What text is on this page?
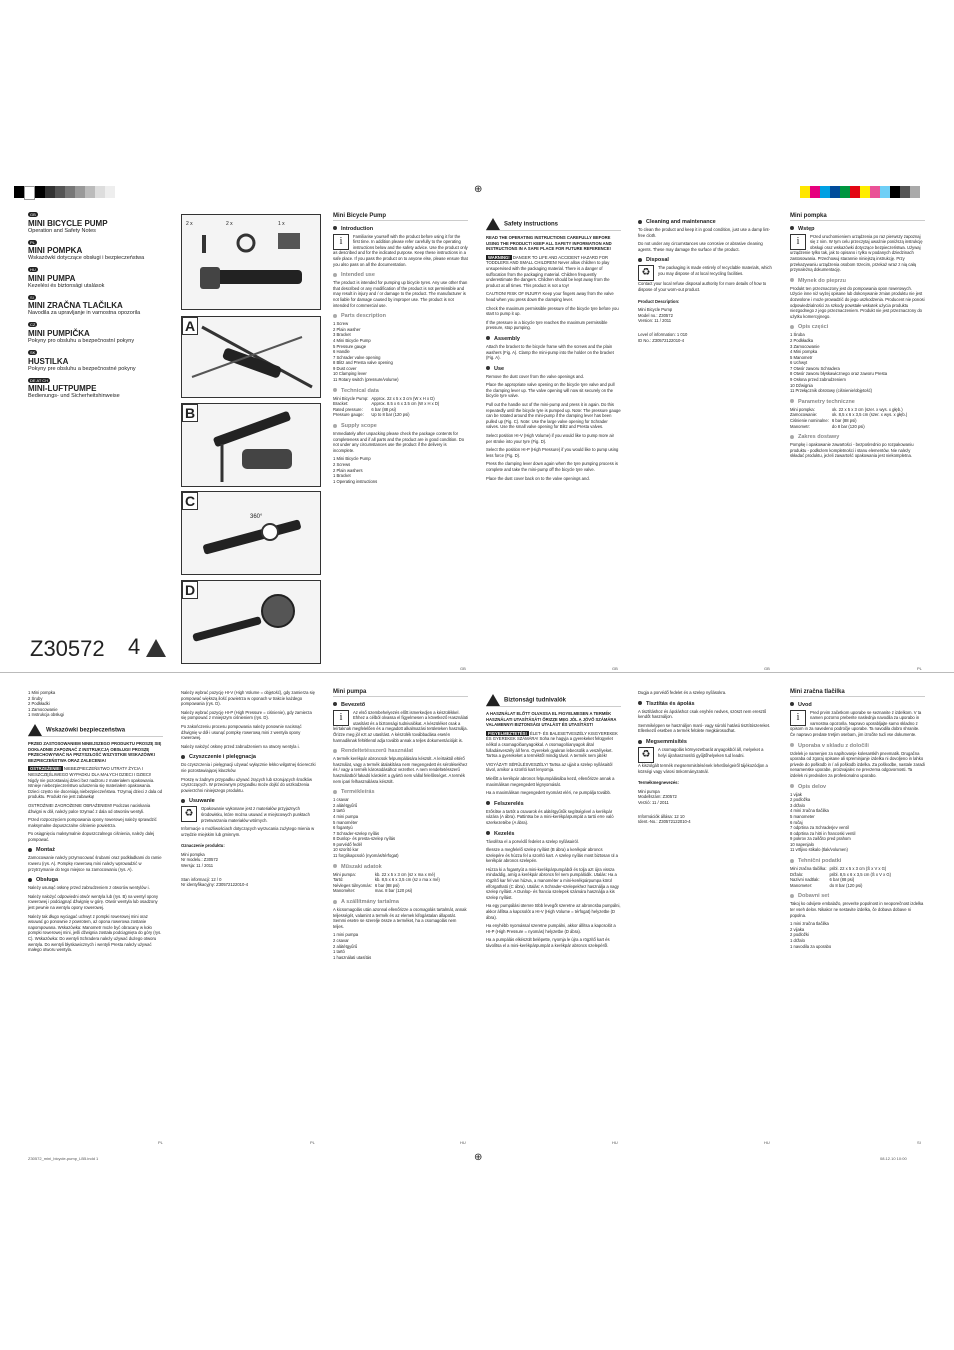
⊕
GB
MINI BICYCLE PUMP
Operation and Safety Notes
PL
MINI POMPKA
Wskazówki dotyczące obsługi i bezpieczeństwa
HU
MINI PUMPA
Kezelési és biztonsági utalások
SI
MINI ZRAČNA TLAČILKA
Navodila za upravljanje in varnostna opozorila
CZ
MINI PUMPIČKA
Pokyny pro obsluhu a bezpečnostní pokyny
SK
HUSTILKA
Pokyny pre obsluhu a bezpečnostné pokyny
DE AT CH
MINI-LUFTPUMPE
Bedienungs- und Sicherheitshinweise
Z30572 4
2 x	2 x	1 x
A
B
C
360°
D
Mini Bicycle Pump
Introduction
i	Familiarise yourself with the product before using it for the first time. In addition please refer carefully to the operating instructions below and the safety advice. Use the product only as described and for the indicated purpose. Keep these instructions in a safe place. If you pass the product on to anyone else, please ensure that you also pass on all the documentation.
Intended use
The product is intended for pumping up bicycle tyres. Any use other than that described or any modification of the product is not permissible and may result in injury and / or damage to the product. The manufacturer is not liable for damage caused by improper use. The product is not intended for commercial use.
Parts description
1 Screw
2 Plain washer
3 Bracket
4 Mini Bicycle Pump
5 Pressure gauge
6 Handle
7 Schrader valve opening
8 Blitz and Presta valve opening
9 Dust cover
10 Clamping lever
11 Rotary switch (pressure/volume)
Technical data
Mini Bicycle Pump:	Approx. 22 x 5 x 3 cm (W x H x D)
Bracket:	Approx. 8.5 x 6 x 3.5 cm (W x H x D)
Rated pressure:	6 bar (88 psi)
Pressure gauge:	Up to 8 bar (120 psi)
Supply scope
Immediately after unpacking please check the package contents for completeness and if all parts and the product are in good condition. Do not under any circumstances use the product if the delivery is incomplete.
1 Mini Bicycle Pump
2 Screws
2 Plain washers
1 Bracket
1 Operating instructions
Safety instructions
READ THE OPERATING INSTRUCTIONS CAREFULLY BEFORE USING THE PRODUCT! KEEP ALL SAFETY INFORMATION AND INSTRUCTIONS IN A SAFE PLACE FOR FUTURE REFERENCE!
WARNING! DANGER TO LIFE AND ACCIDENT HAZARD FOR TODDLERS AND SMALL CHILDREN! Never allow children to play unsupervised with the packaging material. There is a danger of suffocation from the packaging material. Children frequently underestimate the dangers. Children should be kept away from the product at all times. This product is not a toy!
CAUTION! RISK OF INJURY! Keep your fingers away from the valve head when you press down the clamping lever.
Check the maximum permissible pressure of the bicycle tyre before you start to pump it up.
If the pressure in a bicycle tyre reaches the maximum permissible pressure, stop pumping.
Assembly
Attach the bracket to the bicycle frame with the screws and the plain washers (Fig. A). Clamp the mini-pump into the holder on the bracket (Fig. A).
Use
Remove the dust cover from the valve openings and.
Place the appropriate valve opening on the bicycle tyre valve and pull the clamping lever up. The valve opening will now sit securely on the bicycle tyre valve.
Pull out the handle out of the mini-pump and press it in again. Do this repeatedly until the bicycle tyre is pumped up. Note: The pressure gauge can be rotated around the mini-pump if the clamping lever has been pulled up (Fig. C). Note: Use the large valve opening for Schrader valves. Use the small valve opening for Blitz and Presta valves.
Select position HI-V (High Volume) if you would like to pump more air per stroke into your tyre (Fig. D).
Select the position HI-P (High Pressure) if you would like to pump using less force (Fig. D).
Press the clamping lever down again when the tyre pumping process is complete and take the mini-pump off the bicycle tyre valve.
Place the dust cover back on to the valve openings and.
Cleaning and maintenance
To clean the product and keep it in good condition, just use a damp lint-free cloth.
Do not under any circumstances use corrosive or abrasive cleaning agents. These may damage the surface of the product.
Disposal
♻	The packaging is made entirely of recyclable materials, which you may dispose of at local recycling facilities.
Contact your local refuse disposal authority for more details of how to dispose of your worn-out product.
Product Description:
Mini Bicycle Pump
Model no.: Z30572
Version: 11 / 2011
Level of information: 1 010
ID No.: Z30572122010-4
Mini pompka
Wstęp
i	Przed uruchomieniem urządzenia po raz pierwszy zapoznaj się z nim. W tym celu przeczytaj uważnie poniższą instrukcję obsługi oraz wskazówki dotyczące bezpieczeństwa. Używaj urządzenie tylko tak, jak to opisano i tylko w podanych dziedzinach zastosowania. Przechowuj starannie niniejszą instrukcję. Przy przekazywaniu urządzenia osobom trzecim, przekaż wraz z nią całą przynależną dokumentację.
Młynek do pieprzu
Produkt ten przeznaczony jest do pompowania opon rowerowych. Użycie inne niż wyżej opisane lub dokonywanie zmian produktu nie jest dozwolone i może prowadzić do jego uszkodzenia. Producent nie ponosi odpowiedzialności za szkody powstałe wskutek użycia produktu niezgodnego z jego przeznaczeniem. Produkt nie jest przeznaczony do użytku komercyjnego.
Opis części
1 Śruba
2 Podkładka
3 Zamocowanie
4 Mini pompka
5 Manometr
6 Uchwyt
7 Otwór zaworu Schradera
8 Otwór zaworu błyskawicznego oraz zaworu Presta
9 Osłona przed zabrudzeniem
10 Dźwignia
11 Przełącznik obrotowy (ciśnienie/objętość)
Parametry techniczne
Mini pompka:	ok. 22 x 5 x 3 cm (szer. x wys. x głęb.)
Zamocowanie:	ok. 8,5 x 6 x 3,5 cm (szer. x wys. x głęb.)
Ciśnienie nominalne:	6 bar (88 psi)
Manometr:	do 8 bar (120 psi)
Zakres dostawy
Pompkę i opakowanie zawartości - bezpośrednio po rozpakowaniu produktu - podłożem kompletności i stanu elementów. Nie należy składać produktu, jeżeli zawartość opakowania jest niekompletna.
GB	GB	GB	PL
1 Mini pompka
2 Śruby
2 Podkładki
1 Zamocowanie
1 Instrukcja obsługi
Wskazówki bezpieczeństwa
PRZED ZASTOSOWANIEM NINIEJSZEGO PRODUKTU PROSZĘ SIĘ DOKŁADNIE ZAPOZNAĆ Z INSTRUKCJĄ OBSŁUGI! PROSZĘ PRZECHOWYWAĆ NA PRZYSZŁOŚĆ WSZYSTKIE WSKAZÓWKI BEZPIECZEŃSTWA ORAZ ZALECENIA!
OSTRZEŻENIE! NIEBEZPIECZEŃSTWO UTRATY ŻYCIA I NIESZCZĘŚLIWEGO WYPADKU DLA MAŁYCH DZIECI I DZIECI! Nigdy nie pozostawiaj dzieci bez nadzoru z materiałem opakowania. Istnieje niebezpieczeństwo uduszenia się materiałem opakowania. Dzieci często nie doceniają niebezpieczeństwa. Trzymaj dzieci z dala od produktu. Produkt nie jest zabawką!
OSTROŻNIE! ZAGROŻENIE OBRAŻENIEM! Podczas naciskania dźwigni w dół, należy palce trzymać z dala od otworów wentyli.
Przed rozpoczęciem pompowania opony rowerowej należy sprawdzić maksymalne dopuszczalne ciśnienie powietrza.
Po osiągnięciu maksymalnie dopuszczalnego ciśnienia, należy dalej pompować.
Montaż
Zamocowanie należy przymocować śrubami oraz podkładkami do ramie roweru (rys. A). Pompkę rowerową mini należy wprowadzić w przytrzymanie do tego miejsce na zamocowaniu (rys. A).
Obsługa
Należy usunąć osłonę przed zabrudzeniem z otworów wentylów i.
Należy nałożyć odpowiedni otwór wentyla lub (rys. B) na wentyl opony rowerowej i podciągnąć dźwignię w górę. Otwór wentyla lub osadzony jest pewnie na wentylu opony rowerowej.
Należy tak długo wyciągać uchwyt z pompki rowerowej mini oraz wsuwać go ponownie z powrotem, aż opona rowerowa zostanie napompowana. Wskazówka: Manometr może być obracany w koło pompki rowerowej mini, jeśli dźwignia została podciągnięta do góry (rys. C). Wskazówka: Do wentyli Schradera należy używać dużego otworu wentyla. Do wentyli błyskawicznych i wentyli Presta należy używać małego otworu wentyla.
Należy wybrać pozycję HI-V (High Volume = objętość), gdy zamierza się pompować większą ilość powietrza w oponach w trakcie każdego pompowania (rys. D).
Należy wybrać pozycję HI-P (High Pressure = ciśnienie), gdy zamierza się pompować z mniejszym ciśnieniem (rys. D).
Po zakończeniu procesu pompowania należy ponownie nacisnąć dźwignię w dół i usunąć pompkę rowerową mini z wentyla opony rowerowej.
Należy nałożyć osłonę przed zabrudzeniem na otwory wentyla i.
Czyszczenie i pielęgnacja
Do czyszczenia i pielęgnacji używać wyłącznie lekko wilgotnej ściereczki nie pozostawiającej kłaczków.
Proszę w żadnym przypadku używać żrących lub szorujących środków czyszczących. W przeciwnym przypadku może dojść do uszkodzenia powierzchni niniejszego produktu.
Usuwanie
♻	Opakowanie wykonane jest z materiałów przyjaznych środowisku, które można usuwać w miejscowych punktach przetwarzania materiałów wtórnych.
Informacje o możliwościach dotyczących wyrzucania zużytego mienia w urzędzie miejskim lub gminnym.
Oznaczenie produktu:
Mini pompka
Nr modelu.: Z30572
Wersja: 11 / 2011
Stan informacji: 12 / 0
Nr identyfikacyjny: Z30572122010-4
Mini pumpa
Bevezető
i	Az első üzembehelyezés előtt ismerkedjen a készülékkel. Ehhez a célból olvassa el figyelmesen a következő Használati utasítást és a biztonsági tudnivalókat. A készüléket csak a leírtaknak megfelelően és a megadott alkalmazási területeken használja. Őrizze meg jól ezt az utasítást. A készülék továbbadása esetén harmadiknak feltétlenül adja tovább annak a teljes dokumentációját is.
Rendeltetésszerű használat
A termék kerékpár abroncsok felpumpálására készült. A leírtaktól eltérő használat, vagy a termék átalakítása nem megengedett és sérülésekhez és / vagy a termék károsodásához vezethet. A nem rendeltetésszerű használatból fakadó károkért a gyártó nem vállal felelősséget. A termék nem ipari felhasználásra készült.
Termékleírás
1 csavar
2 alátétgyűrű
3 tartó
4 mini pumpa
5 manométer
6 fogantyú
7 Schrader-szelep nyílás
8 Dunlop- és presta-szelep nyílás
9 porvédő fedél
10 szorító kar
11 forgókapcsoló (nyomás/térfogat)
Műszaki adatok
Mini pumpa:	kb. 22 x 5 x 3 cm (sz x ma x mé)
Tartó:	kb. 8,5 x 6 x 3,5 cm (sz x ma x mé)
Névleges túlnyomás:	6 bar (88 psi)
Manométer:	max. 8 bar (120 psi)
A szállítmány tartalma
A kicsomagolás után azonnal ellenőrizze a csomagolás tartalmát, annak teljességét, valamint a termék és az elemek kifogástalan állapotát. Semmi esetre se szerelje össze a terméket, ha a csomagolás nem teljes.
1 mini pumpa
2 csavar
2 alátétgyűrű
1 tartó
1 használati utasítás
Biztonsági tudnivalók
A HASZNÁLAT ELŐTT OLVASSA EL FIGYELMESEN A TERMÉK HASZNÁLATI UTASÍTÁSÁT! ŐRIZZE MEG JÓL A JÖVŐ SZÁMÁRA VALAMENNYI BIZTONSÁGI UTALÁST ÉS UTASÍTÁST!
FIGYELMEZTETÉS! ÉLET- ÉS BALESETVESZÉLY KISGYEREKEK ÉS GYEREKEK SZÁMÁRA! Soha ne hagyja a gyerekeket felügyelet nélkül a csomagolóanyagokkal. A csomagolóanyagok által fulladásveszély áll fenn. Gyerekek gyakran lebecsülik a veszélyeket. Tartsa a gyerekeket a terméktől mindig távol. A termék nem játék!
VIGYÁZAT! SÉRÜLÉSVESZÉLY! Tartsa az ujjait a szelep nyílásaitól távol, amikor a szorító kart lenyomja.
Mielőtt a kerékpár abroncs felpumpálásába kezd, ellenőrizze annak a maximálisan megengedett légnyomását.
Ha a maximálisan megengedett nyomást eléri, ne pumpálja tovább.
Felszerelés
Erősítse a tartót a csavarok és alátétgyűrűk segítségével a kerékpár vázára (A ábra). Pattintsa be a mini-kerékpárpumpát a tartó erre való szerkezetébe (A ábra).
Kezelés
Távolítsa el a porvédő fedelet a szelep nyílásairól.
Illessze a megfelelő szelep nyílást (B ábra) a kerékpár abroncs szelepére és húzza fel a szorító kart. A szelep nyílás most biztosan ül a kerékpár abroncs szelepén.
Húzza ki a fogantyút a mini-kerékpárpumpából és tolja azt újra vissza mindaddig, amíg a kerékpár abroncs fel nem pumpálódik. Utalás: Ha a rögzítő kar fel van húzva, a manométer a mini-kerékpárpumpa körül elforgatható (C ábra). Utalás: A Schrader-szelepekhez használja a nagy szelep nyílást. A Dunlop- és francia szelepek számára használja a kis szelep nyílást.
Ha egy pumpálási ütemre több levegőt szeretne az abroncsba pumpálni, akkor állítsa a kapcsolót a HI-V (High Volume = térfogat) helyzetbe (D ábra).
Ha enyhébb nyomással szeretne pumpálni, akkor állítsa a kapcsolót a HI-P (High Pressure = nyomás) helyzetbe (D ábra).
Ha a pumpálás elkészült belépette, nyomja le újra a rögzítő kart és távolítsa el a mini-kerékpárpumpát a kerékpár abroncs szelepéről.
Dugja a porvédő fedelet és a szelep nyílásokra.
Tisztítás és ápolás
A tisztításhoz és ápoláshoz csak enyhén nedves, szöszt nem eresztő kendőt használjon.
Semmiképpen se használjon maró- vagy súroló hatású tisztítószereket. Ellenkező esetben a termék felülete megkárosodhat.
Megsemmisítés
♻	A csomagolás környezetbarát anyagokból áll, melyeket a helyi újrahasznosító gyűjtőhelyeken tud leadni.
A kiszolgált termék megsemmisítésének lehetőségeiről tájékozódjon a községi vagy városi önkormányzatnál.
Termékmegnevezés:
Mini pumpa
Modellszám: Z30572
Verzió: 11 / 2011
Információk állása: 12 10
Ident.-No.: Z30572122010-4
Mini zračna tlačilka
Uvod
i	Pred prvim začetkom uporabe se seznanite z izdelkom. V ta namen pozorno preberite naslednja navodila za uporabo in varnostna opozorila. Napravo uporabljajte samo skladno z opisom in za navedeno področje uporabe. Ta navodila dobro shranite. Če napravo predate tretjim osebam, jim izročite tudi vse dokumente.
Uporaba v skladu z določili
Izdelek je namenjen za napihovanje kolesarskih pnevmatik. Drugačna uporaba od zgoraj opisane ali spreminjanje izdelka ni dovoljeno in lahko privede do poškodb in / ali poškodb izdelka. Za poškodbe, nastale zaradi nenamenske uporabe, proizvajalec ne prevzema odgovornosti. Ta izdelek ni predviden za profesionalno uporabo.
Opis delov
1 vijak
2 podložka
3 držalo
4 mini zračna tlačilka
5 manometer
6 ročaj
7 odprtina za Schraderjev ventil
8 odprtina za hitri in francoski ventil
9 pokrov za zaščito pred prahom
10 napenjalo
11 vrtljivo stikalo (tlak/volumen)
Tehnični podatki
Mini zračna tlačilka:	pribl. 22 x 5 x 3 cm (Š x V x G)
Držalo:	pribl. 8,5 x 6 x 3,5 cm (Š x V x G)
Nazivni nadtlak:	6 bar (88 psi)
Manometer:	do 8 bar (120 psi)
Dobavni set
Takoj ko odvijete embalažo, preverite popolnost in neoporečnost izdelka ter vseh delov. Nikakor ne sestavite izdelka, če dobava dobave ni popolna.
1 mini zračna tlačilka
2 vijaka
2 podložki
1 držalo
1 navodila za uporabo
PL	PL	HU	HU	HU	SI
Z30572_mini_bicycle-pump_LB5.indd 1	⊕	08.12.10 10:00
